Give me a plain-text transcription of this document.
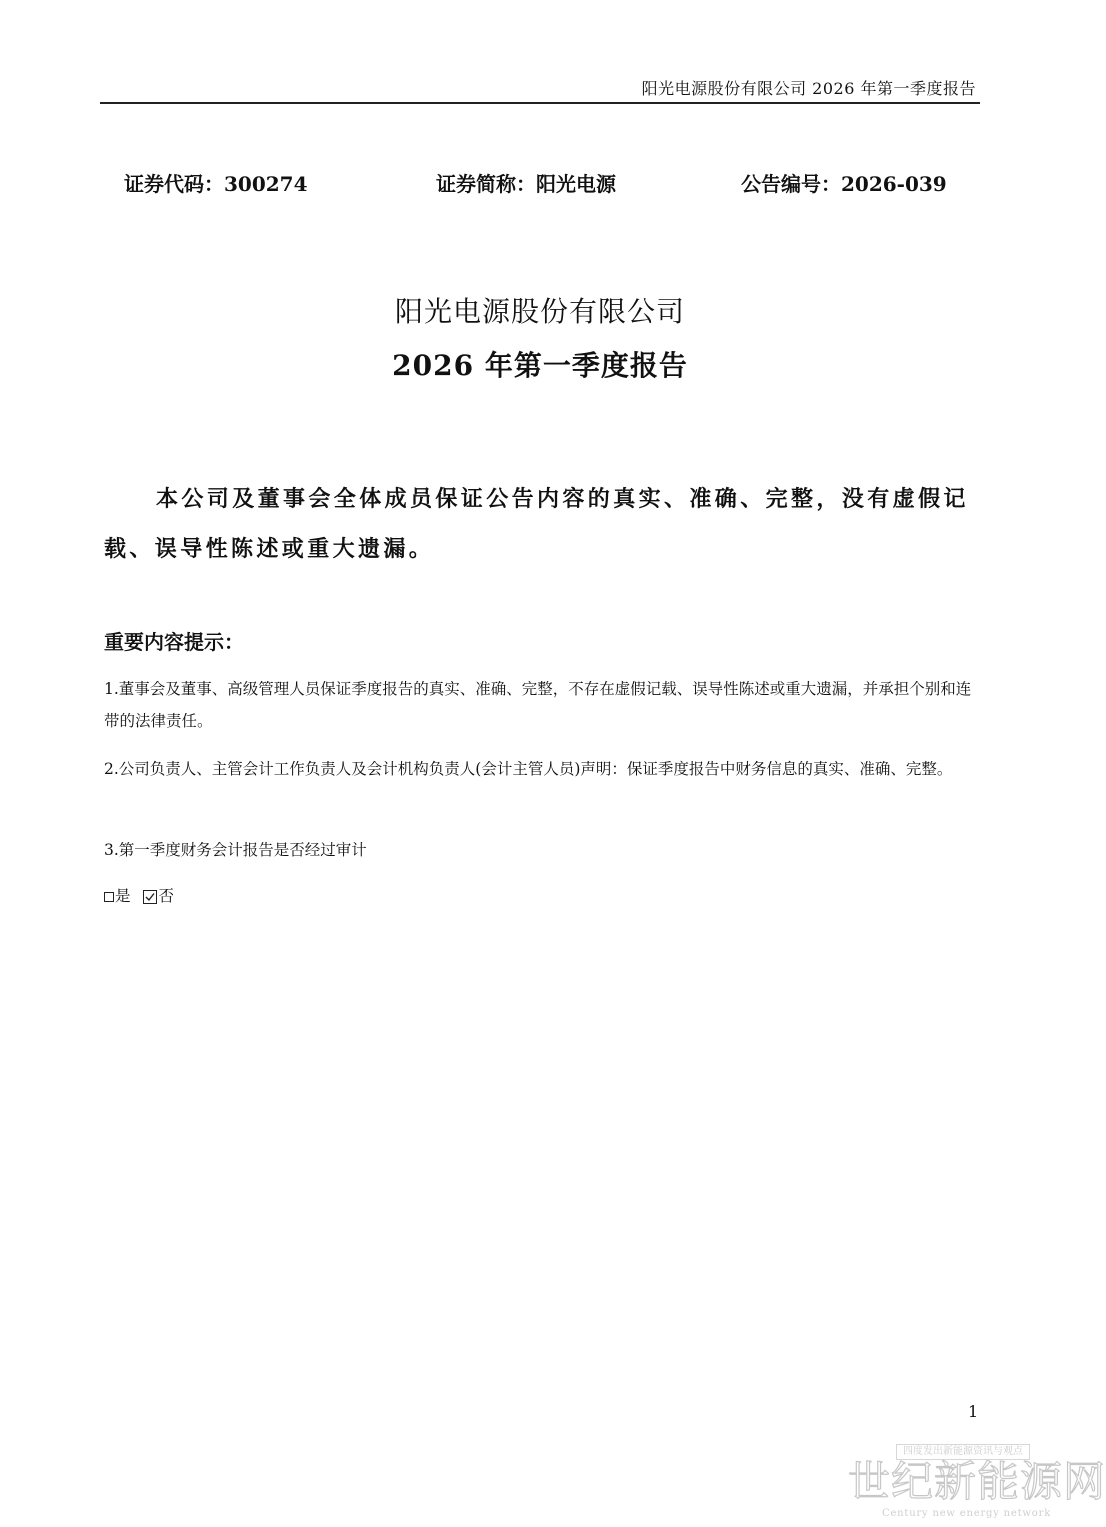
阳光电源股份有限公司 2026 年第一季度报告
证券代码：300274	证券简称：阳光电源	公告编号：2026-039
阳光电源股份有限公司
2026 年第一季度报告

本公司及董事会全体成员保证公告内容的真实、准确、完整，没有虚假记载、误导性陈述或重大遗漏。

重要内容提示：

1.董事会及董事、高级管理人员保证季度报告的真实、准确、完整，不存在虚假记载、误导性陈述或重大遗漏，并承担个别和连带的法律责任。

2.公司负责人、主管会计工作负责人及会计机构负责人(会计主管人员)声明：保证季度报告中财务信息的真实、准确、完整。

3.第一季度财务会计报告是否经过审计

是 否
1
四度发出新能源资讯与观点
世纪新能源网
Century new energy network
